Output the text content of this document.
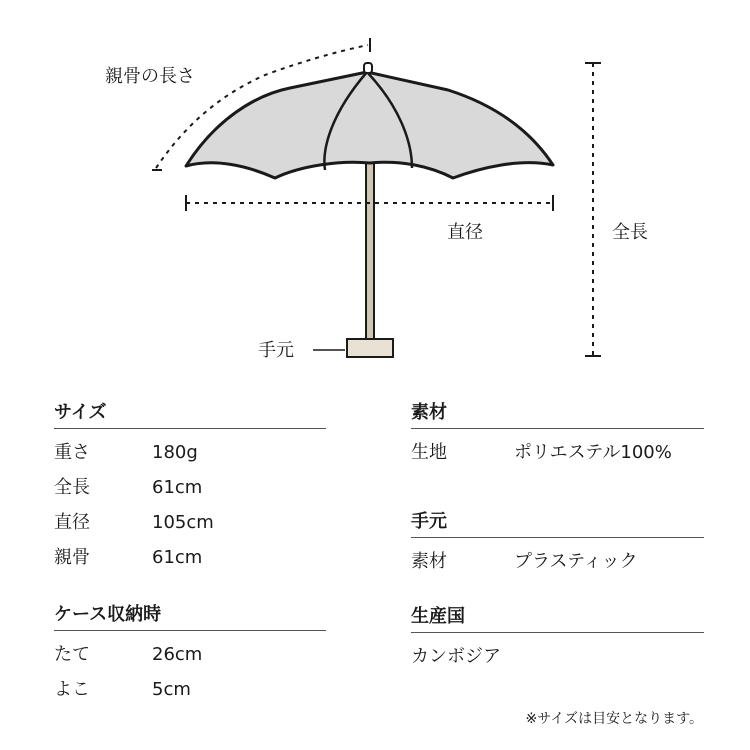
親骨の長さ
直径	全長
手元
サイズ
重さ	180g
全長	61cm
直径	105cm
親骨	61cm
ケース収納時
たて	26cm
よこ	5cm
素材
生地	ポリエステル100%
手元
素材	プラスティック
生産国
カンボジア
※サイズは目安となります。
